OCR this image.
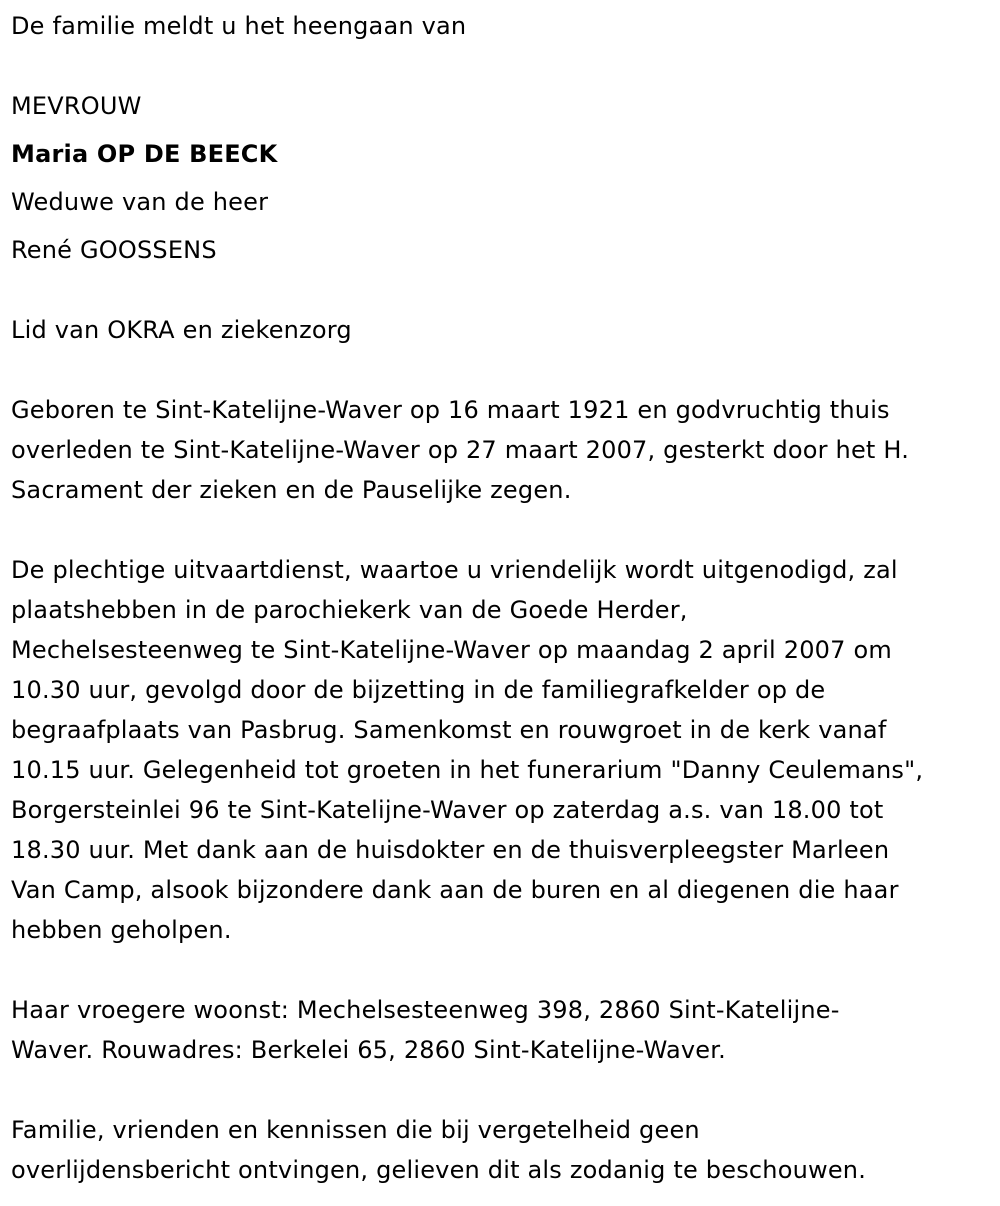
De familie meldt u het heengaan van

MEVROUW

Maria OP DE BEECK

Weduwe van de heer

René GOOSSENS

Lid van OKRA en ziekenzorg

Geboren te Sint-Katelijne-Waver op 16 maart 1921 en godvruchtig thuis

overleden te Sint-Katelijne-Waver op 27 maart 2007, gesterkt door het H.

Sacrament der zieken en de Pauselijke zegen.

De plechtige uitvaartdienst, waartoe u vriendelijk wordt uitgenodigd, zal

plaatshebben in de parochiekerk van de Goede Herder,

Mechelsesteenweg te Sint-Katelijne-Waver op maandag 2 april 2007 om

10.30 uur, gevolgd door de bijzetting in de familiegrafkelder op de

begraafplaats van Pasbrug. Samenkomst en rouwgroet in de kerk vanaf

10.15 uur. Gelegenheid tot groeten in het funerarium "Danny Ceulemans",

Borgersteinlei 96 te Sint-Katelijne-Waver op zaterdag a.s. van 18.00 tot

18.30 uur. Met dank aan de huisdokter en de thuisverpleegster Marleen

Van Camp, alsook bijzondere dank aan de buren en al diegenen die haar

hebben geholpen.

Haar vroegere woonst: Mechelsesteenweg 398, 2860 Sint-Katelijne-

Waver. Rouwadres: Berkelei 65, 2860 Sint-Katelijne-Waver.

Familie, vrienden en kennissen die bij vergetelheid geen

overlijdensbericht ontvingen, gelieven dit als zodanig te beschouwen.
